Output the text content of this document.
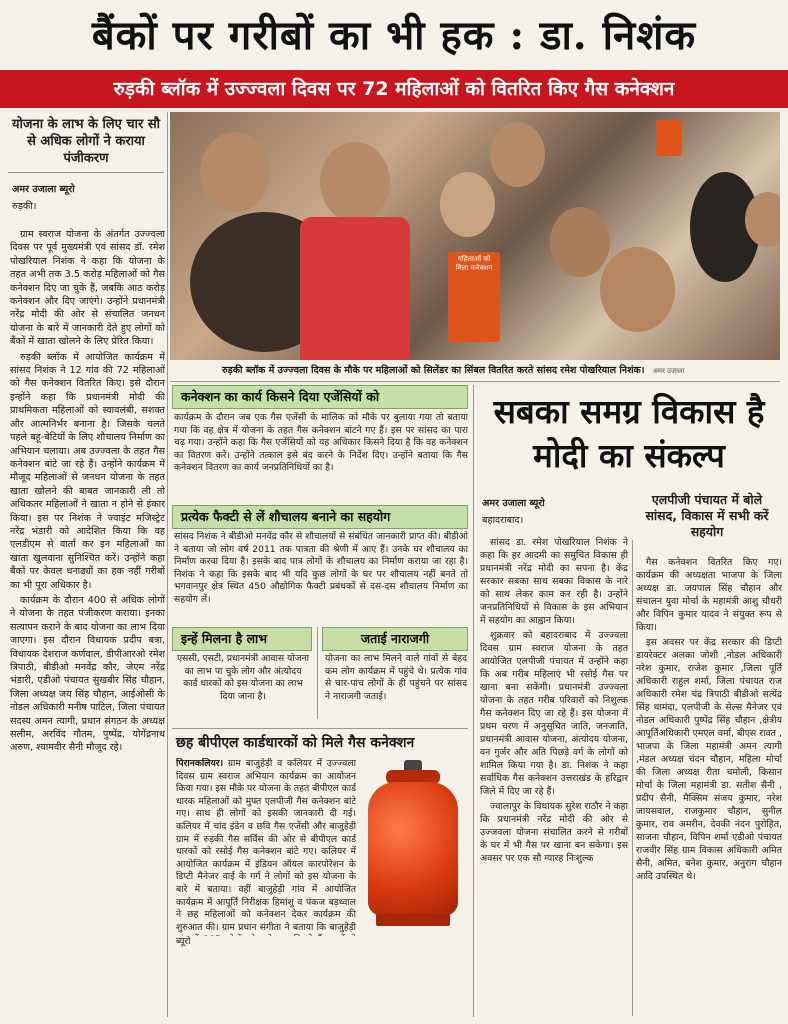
बैंकों पर गरीबों का भी हक : डा. निशंक
रुड़की ब्लॉक में उज्ज्वला दिवस पर 72 महिलाओं को वितरित किए गैस कनेक्शन
योजना के लाभ के लिए चार सौ से अधिक लोगों ने कराया पंजीकरण
अमर उजाला ब्यूरो
रुड़की।

ग्राम स्वराज योजना के अंतर्गत उज्ज्वला दिवस पर पूर्व मुख्यमंत्री एवं सांसद डॉ. रमेश पोखरियाल निशंक ने कहा कि योजना के तहत अभी तक 3.5 करोड़ महिलाओं को गैस कनेक्शन दिए जा चुके हैं, जबकि आठ करोड़ कनेक्शन और दिए जाएंगे। उन्होंने प्रधानमंत्री नरेंद्र मोदी की ओर से संचालित जनधन योजना के बारे में जानकारी देते हुए लोगों को बैंकों में खाता खोलने के लिए प्रेरित किया।

रुड़की ब्लॉक में आयोजित कार्यक्रम में सांसद निशंक ने 12 गांव की 72 महिलाओं को गैस कनेक्शन वितरित किए। इसे दौरान इन्होंने कहा कि प्रधानमंत्री मोदी की प्राथमिकता महिलाओं को स्वावलंबी, सशक्त और आत्मनिर्भर बनाना है। जिसके चलते पहले बहू-बेटियों के लिए शौचालय निर्माण का अभियान चलाया। अब उज्ज्वला के तहत गैस कनेक्शन बांटे जा रहे हैं। उन्होंने कार्यक्रम में मौजूद महिलाओं से जनधन योजना के तहत खाता खोलने की बाबत जानकारी ली तो अधिकतर महिलाओं ने खाता न होने से इंकार किया। इस पर निशंक ने ज्वाइंट मजिस्ट्रेट नरेंद्र भंडारी को आदेशित किया कि वह एलडीएम से वार्ता कर इन महिलाओं का खाता खुलवाना सुनिश्चित करें। उन्होंने कहा बैंकों पर केवल धनाढ्यों का हक नहीं गरीबों का भी पूरा अधिकार है।

कार्यक्रम के दौरान 400 से अधिक लोगों ने योजना के तहत पंजीकरण कराया। इनका सत्यापन कराने के बाद योजना का लाभ दिया जाएगा। इस दौरान विधायक प्रदीप बत्रा, विधायक देशराज कर्णवाल, डीपीआरओ रमेश त्रिपाठी, बीडीओ मनवेंद्र कौर, जेएम नरेंद्र भंडारी, एडीओ पंचायत सुखबीर सिंह चौहान, जिला अध्यक्ष जय सिंह चौहान, आईओसी के नोडल अधिकारी मनीष पाटिल, जिला पंचायत सदस्य अमन त्यागी, प्रधान संगठन के अध्यक्ष सलीम, अरविंद गौतम, पुष्पेंद्र, योगेंद्रनाथ अरुण, श्यामवीर सैनी मौजूद रहे।

महिलाओं को मिला कनेक्शन
रुड़की ब्लॉक में उज्ज्वला दिवस के मौके पर महिलाओं को सिलेंडर का सिंबल वितरित करते सांसद रमेश पोखरियाल निशंक। अमर उजाला
कनेक्शन का कार्य किसने दिया एजेंसियों को
कार्यक्रम के दौरान जब एक गैस एजेंसी के मालिक को मौके पर बुलाया गया तो बताया गया कि वह क्षेत्र में योजना के तहत गैस कनेक्शन बांटने गए हैं। इस पर सांसद का पारा चढ़ गया। उन्होंने कहा कि गैस एजेंसियों को यह अधिकार किसने दिया है कि वह कनेक्शन का वितरण करें। उन्होंने तत्काल इसे बंद करने के निर्देश दिए। उन्होंने बताया कि गैस कनेक्शन वितरण का कार्य जनप्रतिनिधियों का है।
प्रत्येक फैक्टी से लें शौचालय बनाने का सहयोग
सांसद निशंक ने बीडीओ मनवेंद्र कौर से शौचालयों से संबंधित जानकारी प्राप्त की। बीडीओ ने बताया जो लोग वर्ष 2011 तक पात्रता की श्रेणी में आए हैं। उनके घर शौचालय का निर्माण करवा दिया है। इसके बाद पात्र लोगों के शौचालय का निर्माण कराया जा रहा है। निशंक ने कहा कि इसके बाद भी यदि कुछ लोगों के घर पर शौचालय नहीं बनते तो भगवानपुर क्षेत्र स्थित 450 औद्योगिक फैक्टी प्रबंधकों से दस-दस शौचालय निर्माण का सहयोग लें।
इन्हें मिलना है लाभ
एससी, एसटी, प्रधानमंत्री आवास योजना का लाभ पा चुके लोग और अंत्योदय कार्ड धारकों को इस योजना का लाभ दिया जाना है।
जताई नाराजगी
योजना का लाभ मिलने वाले गांवों से बेहद कम लोग कार्यक्रम में पहुंचे थे। प्रत्येक गांव से चार-पांच लोगों के ही पहुंचने पर सांसद ने नाराजगी जताई।
छह बीपीएल कार्डधारकों को मिले गैस कनेक्शन
पिरानकलियर। ग्राम बाजुहेड़ी व कलियर में उज्ज्वला दिवस ग्राम स्वराज अभियान कार्यक्रम का आयोजन किया गया। इस मौके पर योजना के तहत बीपीएल कार्ड धारक महिलाओं को मुफ्त एलपीजी गैस कनेक्शन बांटे गए। साथ ही लोगों को इसकी जानकारी दी गई। कलियर में चांद इंडेन व छवि गैस एजेंसी और बाजुहेड़ी ग्राम में रुड़की गैस सर्विस की ओर से बीपीएल कार्ड धारकों को रसोई गैस कनेक्शन बांटे गए। कलियर में आयोजित कार्यक्रम में इंडियन ऑयल कारपोरेशन के डिप्टी मैनेजर वाई के गर्ग ने लोगों को इस योजना के बारे में बताया। वहीं बाजुहेड़ी गांव में आयोजित कार्यक्रम में आपूर्ति निरीक्षक हिमांशु व पंकज बड़थ्वाल ने छह महिलाओं को कनेक्शन देकर कार्यक्रम की शुरुआत की। ग्राम प्रधान संगीता ने बताया कि बाजुहेड़ी
ब्यूरो
सबका समग्र विकास है मोदी का संकल्प
अमर उजाला ब्यूरो
बहादराबाद।
एलपीजी पंचायत में बोले सांसद, विकास में सभी करें सहयोग

सांसद डा. रमेश पोखरियाल निशंक ने कहा कि हर आदमी का समुचित विकास ही प्रधानमंत्री नरेंद्र मोदी का सपना है। केंद्र सरकार सबका साथ सबका विकास के नारे को साथ लेकर काम कर रही है। उन्होंने जनप्रतिनिधियों से विकास के इस अभियान में सहयोग का आह्वान किया।

शुक्रवार को बहादराबाद में उज्ज्वला दिवस ग्राम स्वराज योजना के तहत आयोजित एलपीजी पंचायत में उन्होंने कहा कि अब गरीब महिलाएं भी रसोई गैस पर खाना बना सकेंगी। प्रधानमंत्री उज्ज्वला योजना के तहत गरीब परिवारों को निशुल्क गैस कनेक्शन दिए जा रहे हैं। इस योजना में प्रथम चरण में अनुसूचित जाति, जनजाति, प्रधानमंत्री आवास योजना, अंत्योदय योजना, वन गुर्जर और अति पिछड़े वर्ग के लोगों को शामिल किया गया है। डा. निशंक ने कहा सर्वाधिक गैस कनेक्शन उत्तराखंड के हरिद्वार जिले में दिए जा रहे हैं।

ज्वालापुर के विधायक सुरेश राठौर ने कहा कि प्रधानमंत्री नरेंद्र मोदी की ओर से उज्जवला योजना संचालित करने से गरीबों के घर में भी गैस पर खाना बन सकेगा। इस अवसर पर एक सौ ग्यारह निःशुल्क

गैस कनेक्शन वितरित किए गए। कार्यक्रम की अध्यक्षता भाजपा के जिला अध्यक्ष डा. जयपाल सिंह चौहान और संचालन युवा मोर्चा के महामंत्री आशु चौधरी और विपिन कुमार यादव ने संयुक्त रूप से किया।

इस अवसर पर केंद्र सरकार की डिप्टी डायरेक्टर अलका जोशी ,नोडल अधिकारी नरेश कुमार, राजेश कुमार ,जिला पूर्ति अधिकारी राहुल शर्मा, जिला पंचायत राज अधिकारी रमेश चंद्र त्रिपाठी बीडीओ सत्येंद्र सिंह धामंदा, एलपीजी के सेल्स मैनेजर एवं नोडल अधिकारी पुष्पेंद्र सिंह चौहान ,क्षेत्रीय आपूर्तिअधिकारी एमएल वर्मा, बीएस रावत , भाजपा के जिला महामंत्री अमन त्यागी ,मंडल अध्यक्ष चंदन चौहान, महिला मोर्चा की जिला अध्यक्ष रीता चमोली, किसान मोर्चा के जिला महामंत्री डा. सतीश सैनी , प्रदीप सैनी, मैक्सिम संजय कुमार, नरेश जायसवाल, राजकुमार चौहान, सुनील कुमार, राव अमरीन, देवकी नंदन पुरोहित, साजना चौहान, विपिन शर्मा एडीओ पंचायत राजवीर सिंह ग्राम विकास अधिकारी अमित सैनी, अमित, बनेश कुमार, अनुराग चौहान आदि उपस्थित थे।
